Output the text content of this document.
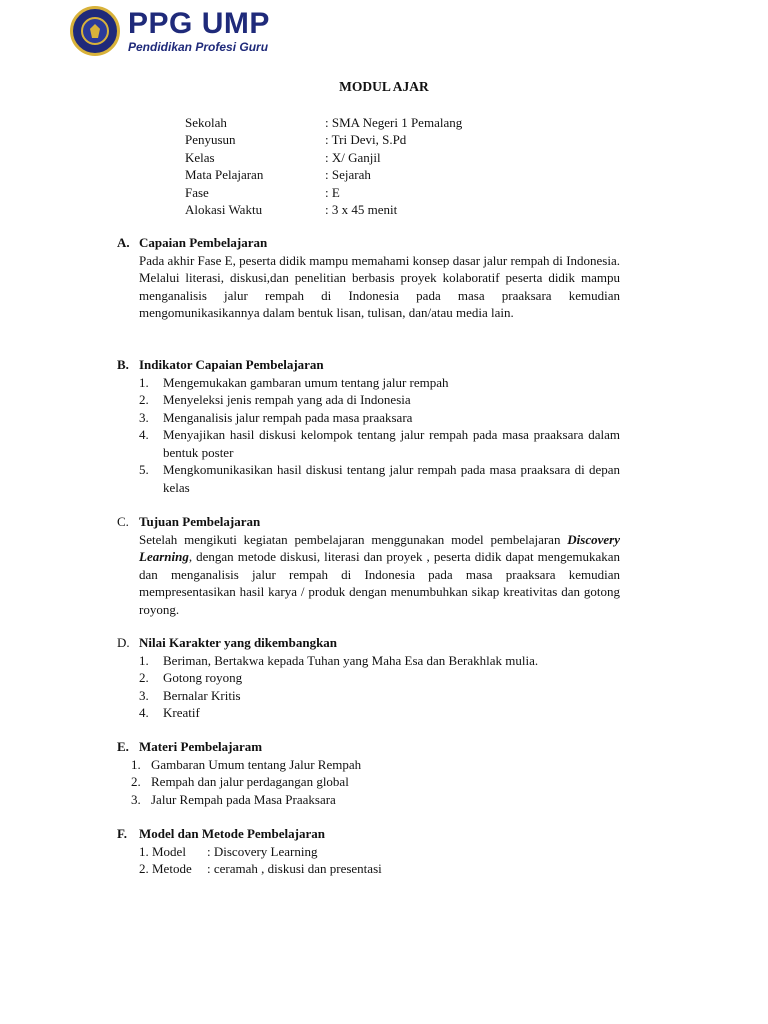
PPG UMP
Pendidikan Profesi Guru
MODUL AJAR
Sekolah	: SMA Negeri 1 Pemalang
Penyusun	: Tri Devi, S.Pd
Kelas	: X/ Ganjil
Mata Pelajaran	: Sejarah
Fase	: E
Alokasi Waktu	: 3 x 45 menit
A. Capaian Pembelajaran
Pada akhir Fase E, peserta didik mampu memahami konsep dasar jalur rempah di Indonesia. Melalui literasi, diskusi,dan penelitian berbasis proyek kolaboratif peserta didik mampu menganalisis jalur rempah di Indonesia pada masa praaksara kemudian mengomunikasikannya dalam bentuk lisan, tulisan, dan/atau media lain.
B. Indikator Capaian Pembelajaran
1.	Mengemukakan gambaran umum tentang jalur rempah
2.	Menyeleksi jenis rempah yang ada di Indonesia
3.	Menganalisis jalur rempah pada masa praaksara
4.	Menyajikan hasil diskusi kelompok tentang jalur rempah pada masa praaksara dalam bentuk poster
5.	Mengkomunikasikan hasil diskusi tentang jalur rempah pada masa praaksara di depan kelas
C. Tujuan Pembelajaran
Setelah mengikuti kegiatan pembelajaran menggunakan model pembelajaran Discovery Learning, dengan metode diskusi, literasi dan proyek , peserta didik dapat mengemukakan dan menganalisis jalur rempah di Indonesia pada masa praaksara kemudian mempresentasikan hasil karya / produk dengan menumbuhkan sikap kreativitas dan gotong royong.
D. Nilai Karakter yang dikembangkan
1.	Beriman, Bertakwa kepada Tuhan yang Maha Esa dan Berakhlak mulia.
2.	Gotong royong
3.	Bernalar Kritis
4.	Kreatif
E. Materi Pembelajaram
1. Gambaran Umum tentang Jalur Rempah
2. Rempah dan jalur perdagangan global
3. Jalur Rempah pada Masa Praaksara
F. Model dan Metode Pembelajaran
1. Model	: Discovery Learning
2. Metode	: ceramah , diskusi dan presentasi
